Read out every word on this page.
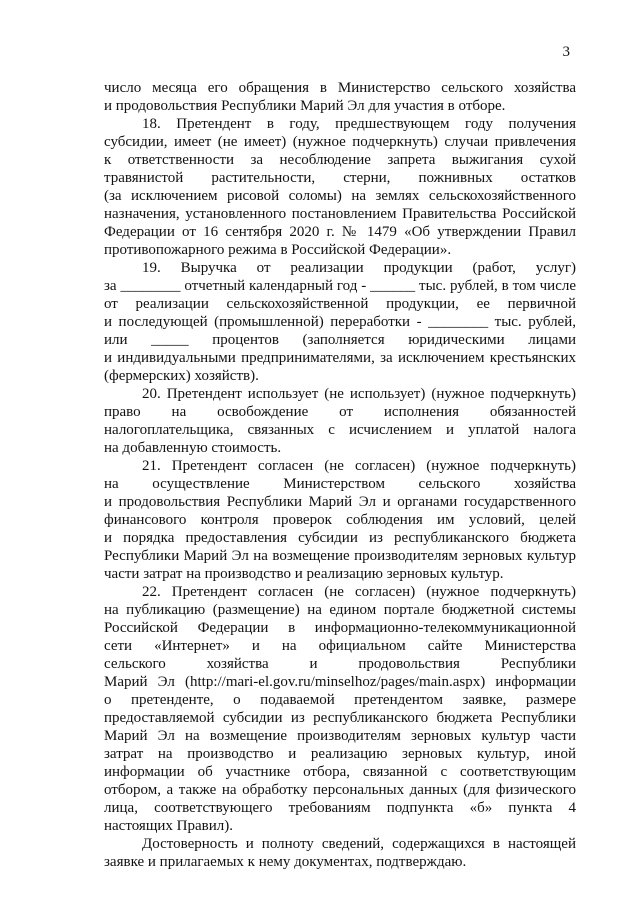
3
число месяца его обращения в Министерство сельского хозяйства
и продовольствия Республики Марий Эл для участия в отборе.
18. Претендент в году, предшествующем году получения
субсидии, имеет (не имеет) (нужное подчеркнуть) случаи привлечения
к ответственности за несоблюдение запрета выжигания сухой
травянистой растительности, стерни, пожнивных остатков
(за исключением рисовой соломы) на землях сельскохозяйственного
назначения, установленного постановлением Правительства Российской
Федерации от 16 сентября 2020 г. № 1479 «Об утверждении Правил
противопожарного режима в Российской Федерации».
19. Выручка от реализации продукции (работ, услуг)
за ________ отчетный календарный год - ______ тыс. рублей, в том числе
от реализации сельскохозяйственной продукции, ее первичной
и последующей (промышленной) переработки - ________ тыс. рублей,
или _____ процентов (заполняется юридическими лицами
и индивидуальными предпринимателями, за исключением крестьянских
(фермерских) хозяйств).
20. Претендент использует (не использует) (нужное подчеркнуть)
право на освобождение от исполнения обязанностей
налогоплательщика, связанных с исчислением и уплатой налога
на добавленную стоимость.
21. Претендент согласен (не согласен) (нужное подчеркнуть)
на осуществление Министерством сельского хозяйства
и продовольствия Республики Марий Эл и органами государственного
финансового контроля проверок соблюдения им условий, целей
и порядка предоставления субсидии из республиканского бюджета
Республики Марий Эл на возмещение производителям зерновых культур
части затрат на производство и реализацию зерновых культур.
22. Претендент согласен (не согласен) (нужное подчеркнуть)
на публикацию (размещение) на едином портале бюджетной системы
Российской Федерации в информационно-телекоммуникационной
сети «Интернет» и на официальном сайте Министерства
сельского хозяйства и продовольствия Республики
Марий Эл (http://mari-el.gov.ru/minselhoz/pages/main.aspx) информации
о претенденте, о подаваемой претендентом заявке, размере
предоставляемой субсидии из республиканского бюджета Республики
Марий Эл на возмещение производителям зерновых культур части
затрат на производство и реализацию зерновых культур, иной
информации об участнике отбора, связанной с соответствующим
отбором, а также на обработку персональных данных (для физического
лица, соответствующего требованиям подпункта «б» пункта 4
настоящих Правил).
Достоверность и полноту сведений, содержащихся в настоящей
заявке и прилагаемых к нему документах, подтверждаю.
